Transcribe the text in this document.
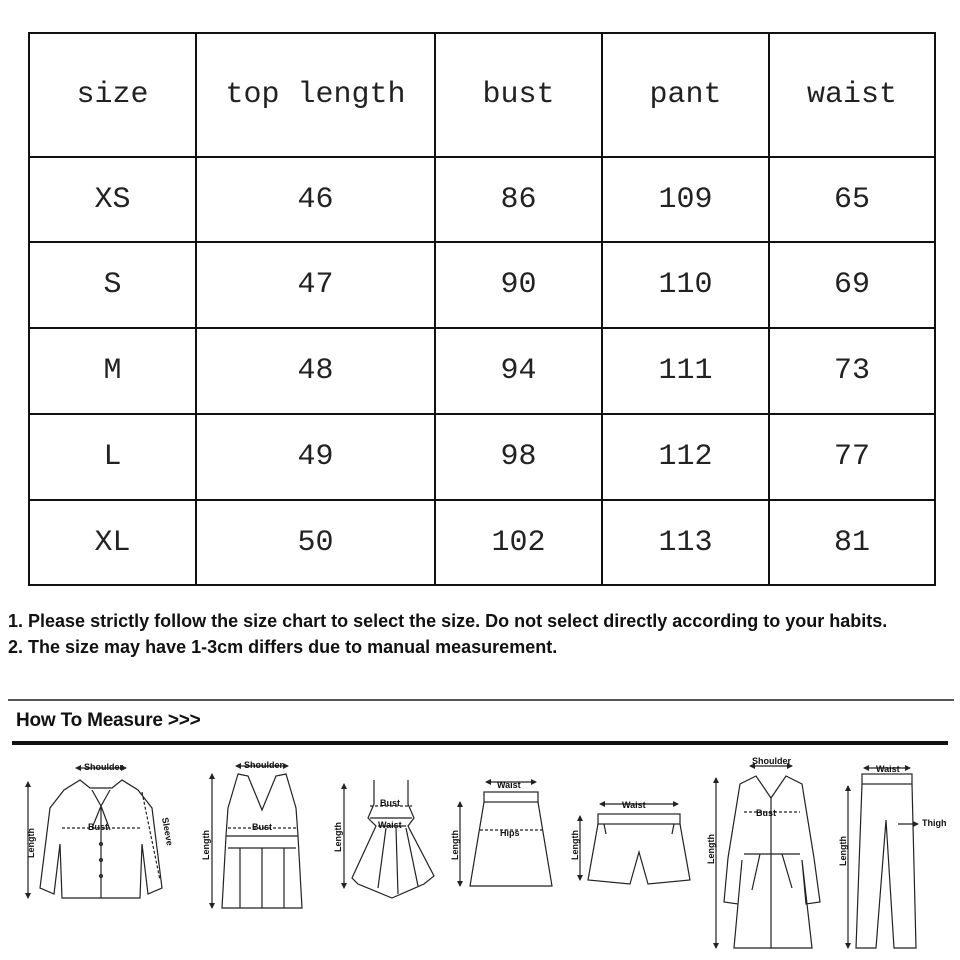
size	top length	bust	pant	waist
XS	46	86	109	65
S	47	90	110	69
M	48	94	111	73
L	49	98	112	77
XL	50	102	113	81

1. Please strictly follow the size chart to select the size. Do not select directly according to your habits.

2. The size may have 1-3cm differs due to manual measurement.

How To Measure >>>
Shoulder
Bust
Length	Sleeve
Shoulder
Bust
Length
Bust
Waist
Length
Waist
Hips
Length
Waist
Length
Shoulder
Bust
Length
Waist
Thigh
Length
